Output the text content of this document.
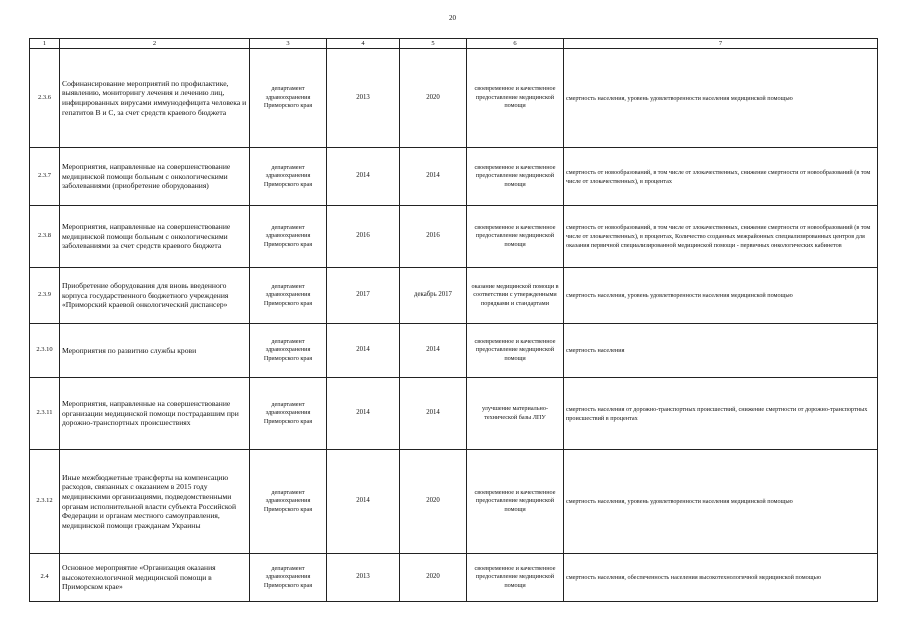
20
1	2	3	4	5	6	7
2.3.6	Софинансирование мероприятий по профилактике, выявлению, мониторингу лечения и лечению лиц, инфицированных вирусами иммунодефицита человека и гепатитов В и С, за счет средств краевого бюджета	департамент здравоохранения Приморского края	2013	2020	своевременное и качественное предоставление медицинской помощи	смертность населения, уровень удовлетворенности населения медицинской помощью
2.3.7	Мероприятия, направленные на совершенствование медицинской помощи больным с онкологическими заболеваниями (приобретение оборудования)	департамент здравоохранения Приморского края	2014	2014	своевременное и качественное предоставление медицинской помощи	смертность от новообразований, в том числе от злокачественных, снижение смертности от новообразований (в том числе от злокачественных), в процентах
2.3.8	Мероприятия, направленные на совершенствование медицинской помощи больным с онкологическими заболеваниями за счет средств краевого бюджета	департамент здравоохранения Приморского края	2016	2016	своевременное и качественное предоставление медицинской помощи	смертность от новообразований, в том числе от злокачественных, снижение смертности от новообразований (в том числе от злокачественных), в процентах, Количество созданных межрайонных специализированных центров для оказания первичной специализированной медицинской помощи - первичных онкологических кабинетов
2.3.9	Приобретение оборудования для вновь введенного корпуса государственного бюджетного учреждения «Приморский краевой онкологический диспансер»	департамент здравоохранения Приморского края	2017	декабрь 2017	оказание медицинской помощи в соответствии с утвержденными порядками и стандартами	смертность населения, уровень удовлетворенности населения медицинской помощью
2.3.10	Мероприятия по развитию службы крови	департамент здравоохранения Приморского края	2014	2014	своевременное и качественное предоставление медицинской помощи	смертность населения
2.3.11	Мероприятия, направленные на совершенствование организации медицинской помощи пострадавшим при дорожно-транспортных происшествиях	департамент здравоохранения Приморского края	2014	2014	улучшение материально-технической базы ЛПУ	смертность населения от дорожно-транспортных происшествий, снижение смертности от дорожно-транспортных происшествий в процентах
2.3.12	Иные межбюджетные трансферты на компенсацию расходов, связанных с оказанием в 2015 году медицинскими организациями, подведомственными органам исполнительной власти субъекта Российской Федерации и органам местного самоуправления, медицинской помощи гражданам Украины	департамент здравоохранения Приморского края	2014	2020	своевременное и качественное предоставление медицинской помощи	смертность населения, уровень удовлетворенности населения медицинской помощью
2.4	Основное мероприятие «Организация оказания высокотехнологичной медицинской помощи в Приморском крае»	департамент здравоохранения Приморского края	2013	2020	своевременное и качественное предоставление медицинской помощи	смертность населения, обеспеченность населения высокотехнологичной медицинской помощью
